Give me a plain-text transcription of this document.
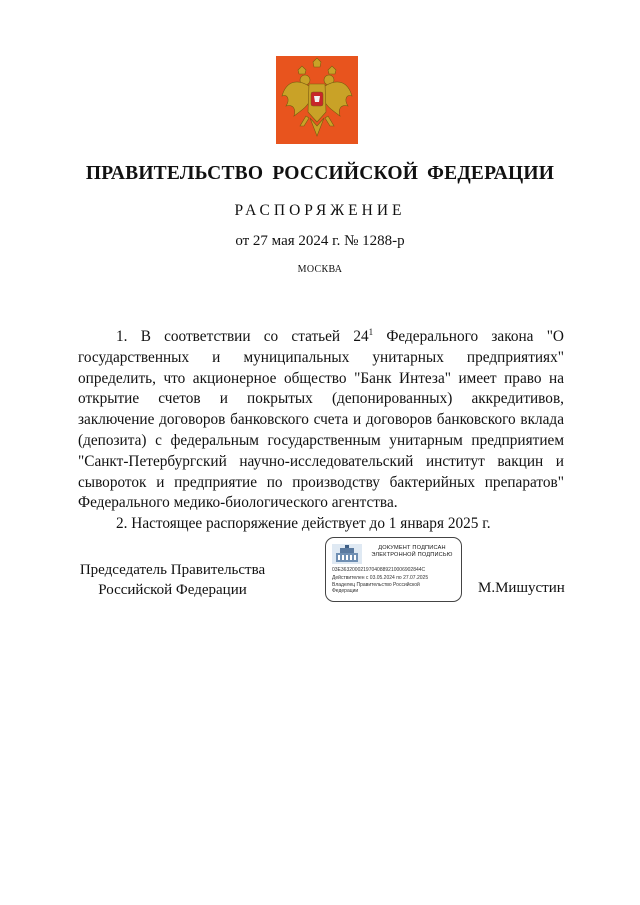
ПРАВИТЕЛЬСТВО РОССИЙСКОЙ ФЕДЕРАЦИИ
РАСПОРЯЖЕНИЕ
от 27 мая 2024 г. № 1288-р
МОСКВА

1. В соответствии со статьей $24^1$ Федерального закона "О государственных и муниципальных унитарных предприятиях" определить, что акционерное общество "Банк Интеза" имеет право на открытие счетов и покрытых (депонированных) аккредитивов, заключение договоров банковского счета и договоров банковского вклада (депозита) с федеральным государственным унитарным предприятием "Санкт-Петербургский научно-исследовательский институт вакцин и сывороток и предприятие по производству бактерийных препаратов" Федерального медико-биологического агентства.

2. Настоящее распоряжение действует до 1 января 2025 г.

Председатель Правительства
Российской Федерации
ДОКУМЕНТ ПОДПИСАН
ЭЛЕКТРОННОЙ ПОДПИСЬЮ
03E36320002197040889210006902844C
Действителен с 03.05.2024 по 27.07.2025
Владелец Правительство Российской
Федерации	М.Мишустин
